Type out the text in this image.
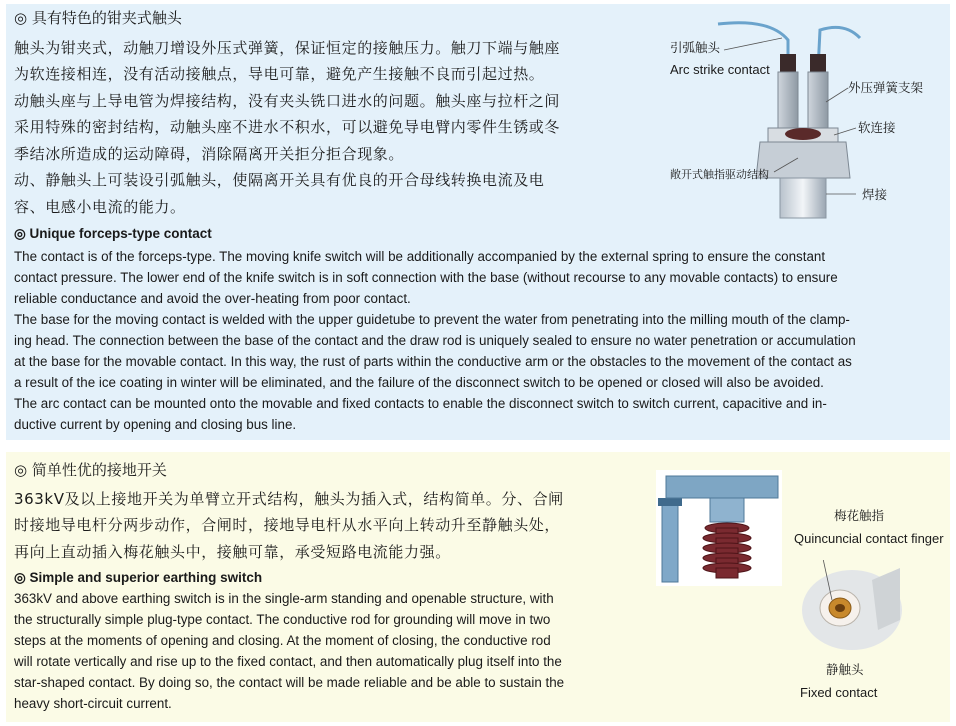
◎ 具有特色的钳夹式触头
触头为钳夹式，动触刀增设外压式弹簧，保证恒定的接触压力。触刀下端与触座
为软连接相连，没有活动接触点，导电可靠，避免产生接触不良而引起过热。
动触头座与上导电管为焊接结构，没有夹头铣口进水的问题。触头座与拉杆之间
采用特殊的密封结构，动触头座不进水不积水，可以避免导电臂内零件生锈或冬
季结冰所造成的运动障碍，消除隔离开关拒分拒合现象。
动、静触头上可装设引弧触头，使隔离开关具有优良的开合母线转换电流及电
容、电感小电流的能力。
◎ Unique forceps-type contact
The contact is of the forceps-type. The moving knife switch will be additionally accompanied by the external spring to ensure the constant
contact pressure. The lower end of the knife switch is in soft connection with the base (without recourse to any movable contacts) to ensure
reliable conductance and avoid the over-heating from poor contact.
The base for the moving contact is welded with the upper guidetube to prevent the water from penetrating into the milling mouth of the clamp-
ing head. The connection between the base of the contact and the draw rod is uniquely sealed to ensure no water penetration or accumulation
at the base for the movable contact. In this way, the rust of parts within the conductive arm or the obstacles to the movement of the contact as
a result of the ice coating in winter will be eliminated, and the failure of the disconnect switch to be opened or closed will also be avoided.
The arc contact can be mounted onto the movable and fixed contacts to enable the disconnect switch to switch current, capacitive and in-
ductive current by opening and closing bus line.
引弧触头
Arc strike contact
外压弹簧支架
软连接
敞开式触指驱动结构
焊接
◎ 简单性优的接地开关
363kV及以上接地开关为单臂立开式结构，触头为插入式，结构简单。分、合闸
时接地导电杆分两步动作，合闸时，接地导电杆从水平向上转动升至静触头处，
再向上直动插入梅花触头中，接触可靠，承受短路电流能力强。
◎ Simple and superior earthing switch
363kV and above earthing switch is in the single-arm standing and openable structure, with
the structurally simple plug-type contact. The conductive rod for grounding will move in two
steps at the moments of opening and closing. At the moment of closing, the conductive rod
will rotate vertically and rise up to the fixed contact, and then automatically plug itself into the
star-shaped contact. By doing so, the contact will be made reliable and be able to sustain the
heavy short-circuit current.
梅花触指
Quincuncial contact finger
静触头
Fixed contact
